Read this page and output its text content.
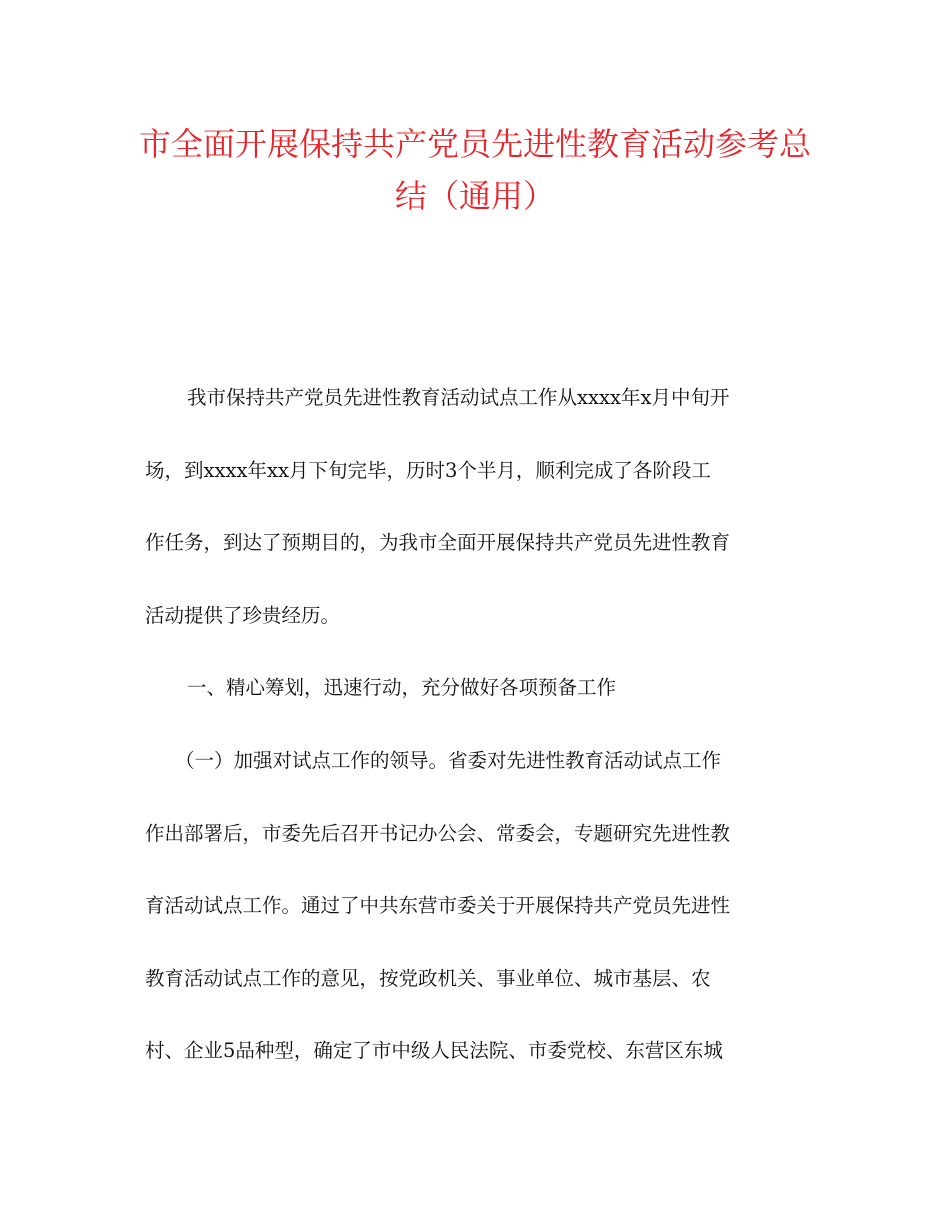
市全面开展保持共产党员先进性教育活动参考总
结（通用）
我市保持共产党员先进性教育活动试点工作从xxxx年x月中旬开
场，到xxxx年xx月下旬完毕，历时3个半月，顺利完成了各阶段工
作任务，到达了预期目的，为我市全面开展保持共产党员先进性教育
活动提供了珍贵经历。
一、精心筹划，迅速行动，充分做好各项预备工作
（一）加强对试点工作的领导。省委对先进性教育活动试点工作
作出部署后，市委先后召开书记办公会、常委会，专题研究先进性教
育活动试点工作。通过了中共东营市委关于开展保持共产党员先进性
教育活动试点工作的意见，按党政机关、事业单位、城市基层、农
村、企业5品种型，确定了市中级人民法院、市委党校、东营区东城
